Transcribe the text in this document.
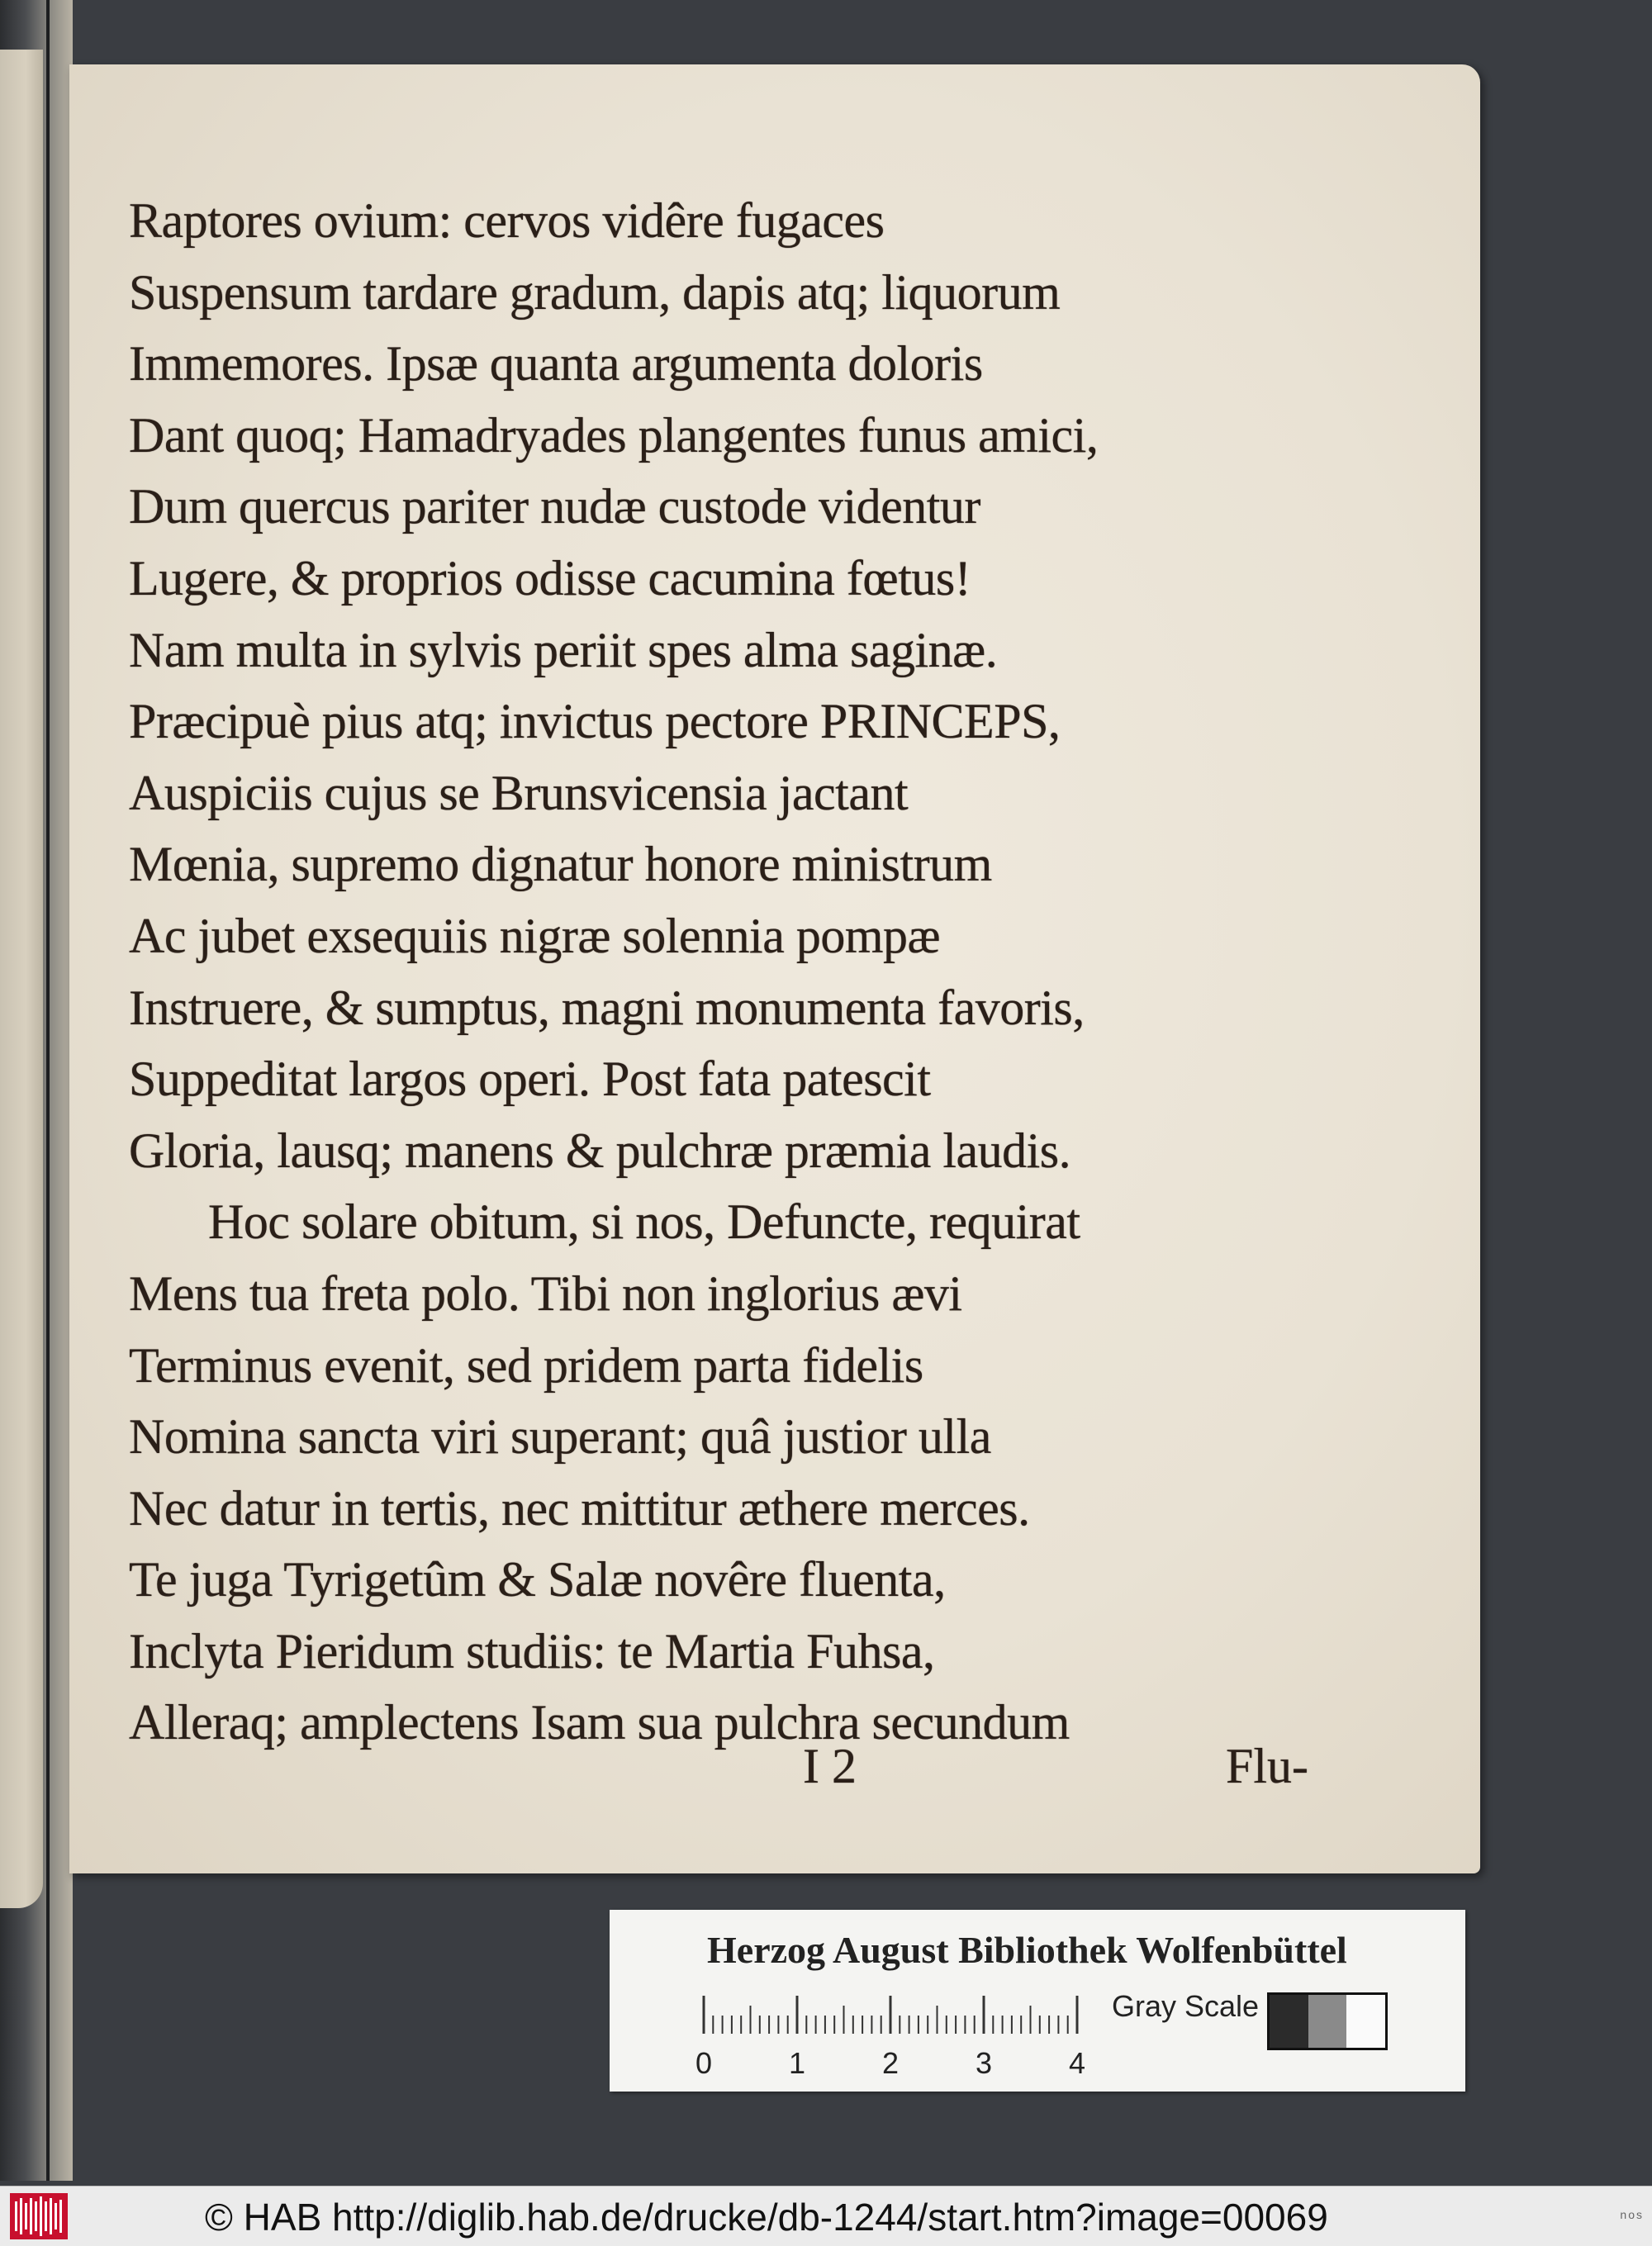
Raptores ovium: cervos vidêre fugaces
Suspensum tardare gradum, dapis atq; liquorum
Immemores. Ipsæ quanta argumenta doloris
Dant quoq; Hamadryades plangentes funus amici,
Dum quercus pariter nudæ custode videntur
Lugere, & proprios odisse cacumina fœtus!
Nam multa in sylvis periit spes alma saginæ.
Præcipuè pius atq; invictus pectore PRINCEPS,
Auspiciis cujus se Brunsvicensia jactant
Mœnia, supremo dignatur honore ministrum
Ac jubet exsequiis nigræ solennia pompæ
Instruere, & sumptus, magni monumenta favoris,
Suppeditat largos operi. Post fata patescit
Gloria, lausq; manens & pulchræ præmia laudis.
Hoc solare obitum, si nos, Defuncte, requirat
Mens tua freta polo. Tibi non inglorius ævi
Terminus evenit, sed pridem parta fidelis
Nomina sancta viri superant; quâ justior ulla
Nec datur in tertis, nec mittitur æthere merces.
Te juga Tyrigetûm & Salæ novêre fluenta,
Inclyta Pieridum studiis: te Martia Fuhsa,
Alleraq; amplectens Isam sua pulchra secundum
I 2	Flu-
Herzog August Bibliothek Wolfenbüttel
0	1	2	3	4
Gray Scale
© HAB http://diglib.hab.de/drucke/db-1244/start.htm?image=00069	nos
